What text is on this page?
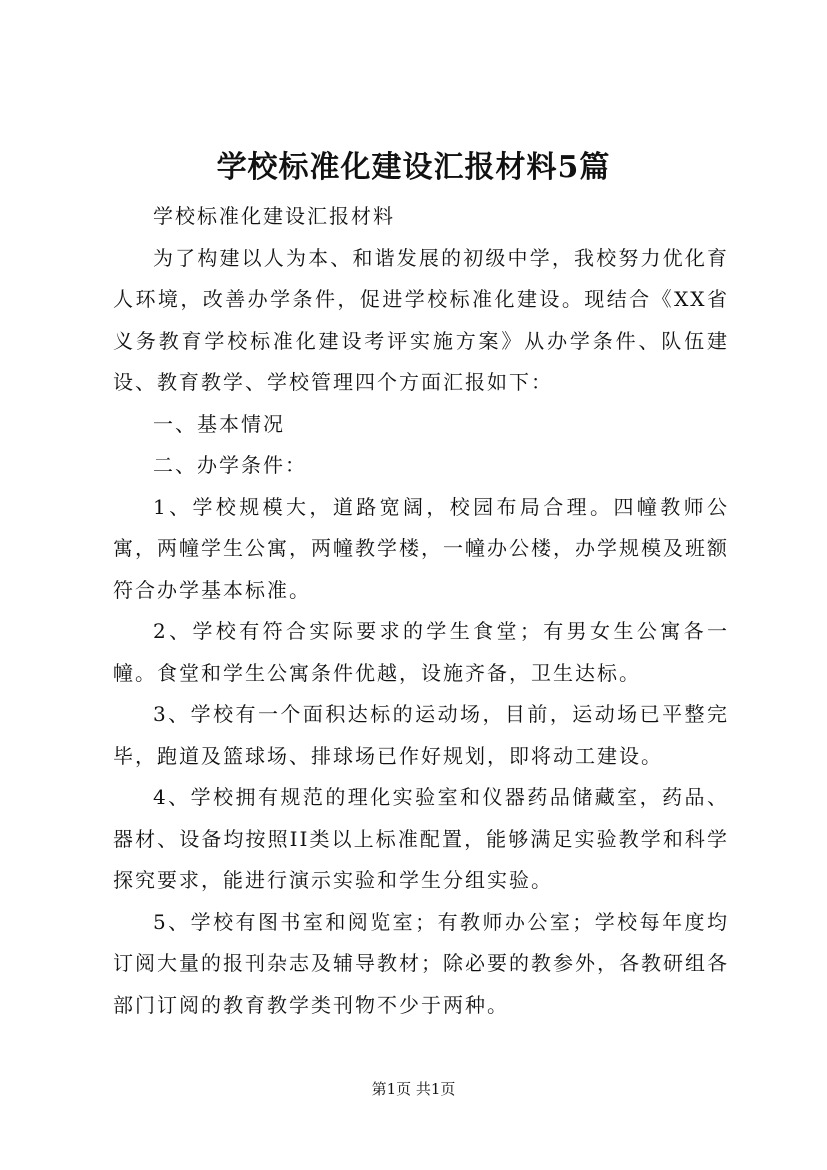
学校标准化建设汇报材料5篇

学校标准化建设汇报材料

为了构建以人为本、和谐发展的初级中学，我校努力优化育人环境，改善办学条件，促进学校标准化建设。现结合《XX省义务教育学校标准化建设考评实施方案》从办学条件、队伍建设、教育教学、学校管理四个方面汇报如下：

一、基本情况

二、办学条件：

1、学校规模大，道路宽阔，校园布局合理。四幢教师公寓，两幢学生公寓，两幢教学楼，一幢办公楼，办学规模及班额符合办学基本标准。

2、学校有符合实际要求的学生食堂；有男女生公寓各一幢。食堂和学生公寓条件优越，设施齐备，卫生达标。

3、学校有一个面积达标的运动场，目前，运动场已平整完毕，跑道及篮球场、排球场已作好规划，即将动工建设。

4、学校拥有规范的理化实验室和仪器药品储藏室，药品、器材、设备均按照II类以上标准配置，能够满足实验教学和科学探究要求，能进行演示实验和学生分组实验。

5、学校有图书室和阅览室；有教师办公室；学校每年度均订阅大量的报刊杂志及辅导教材；除必要的教参外，各教研组各部门订阅的教育教学类刊物不少于两种。

第1页 共1页
